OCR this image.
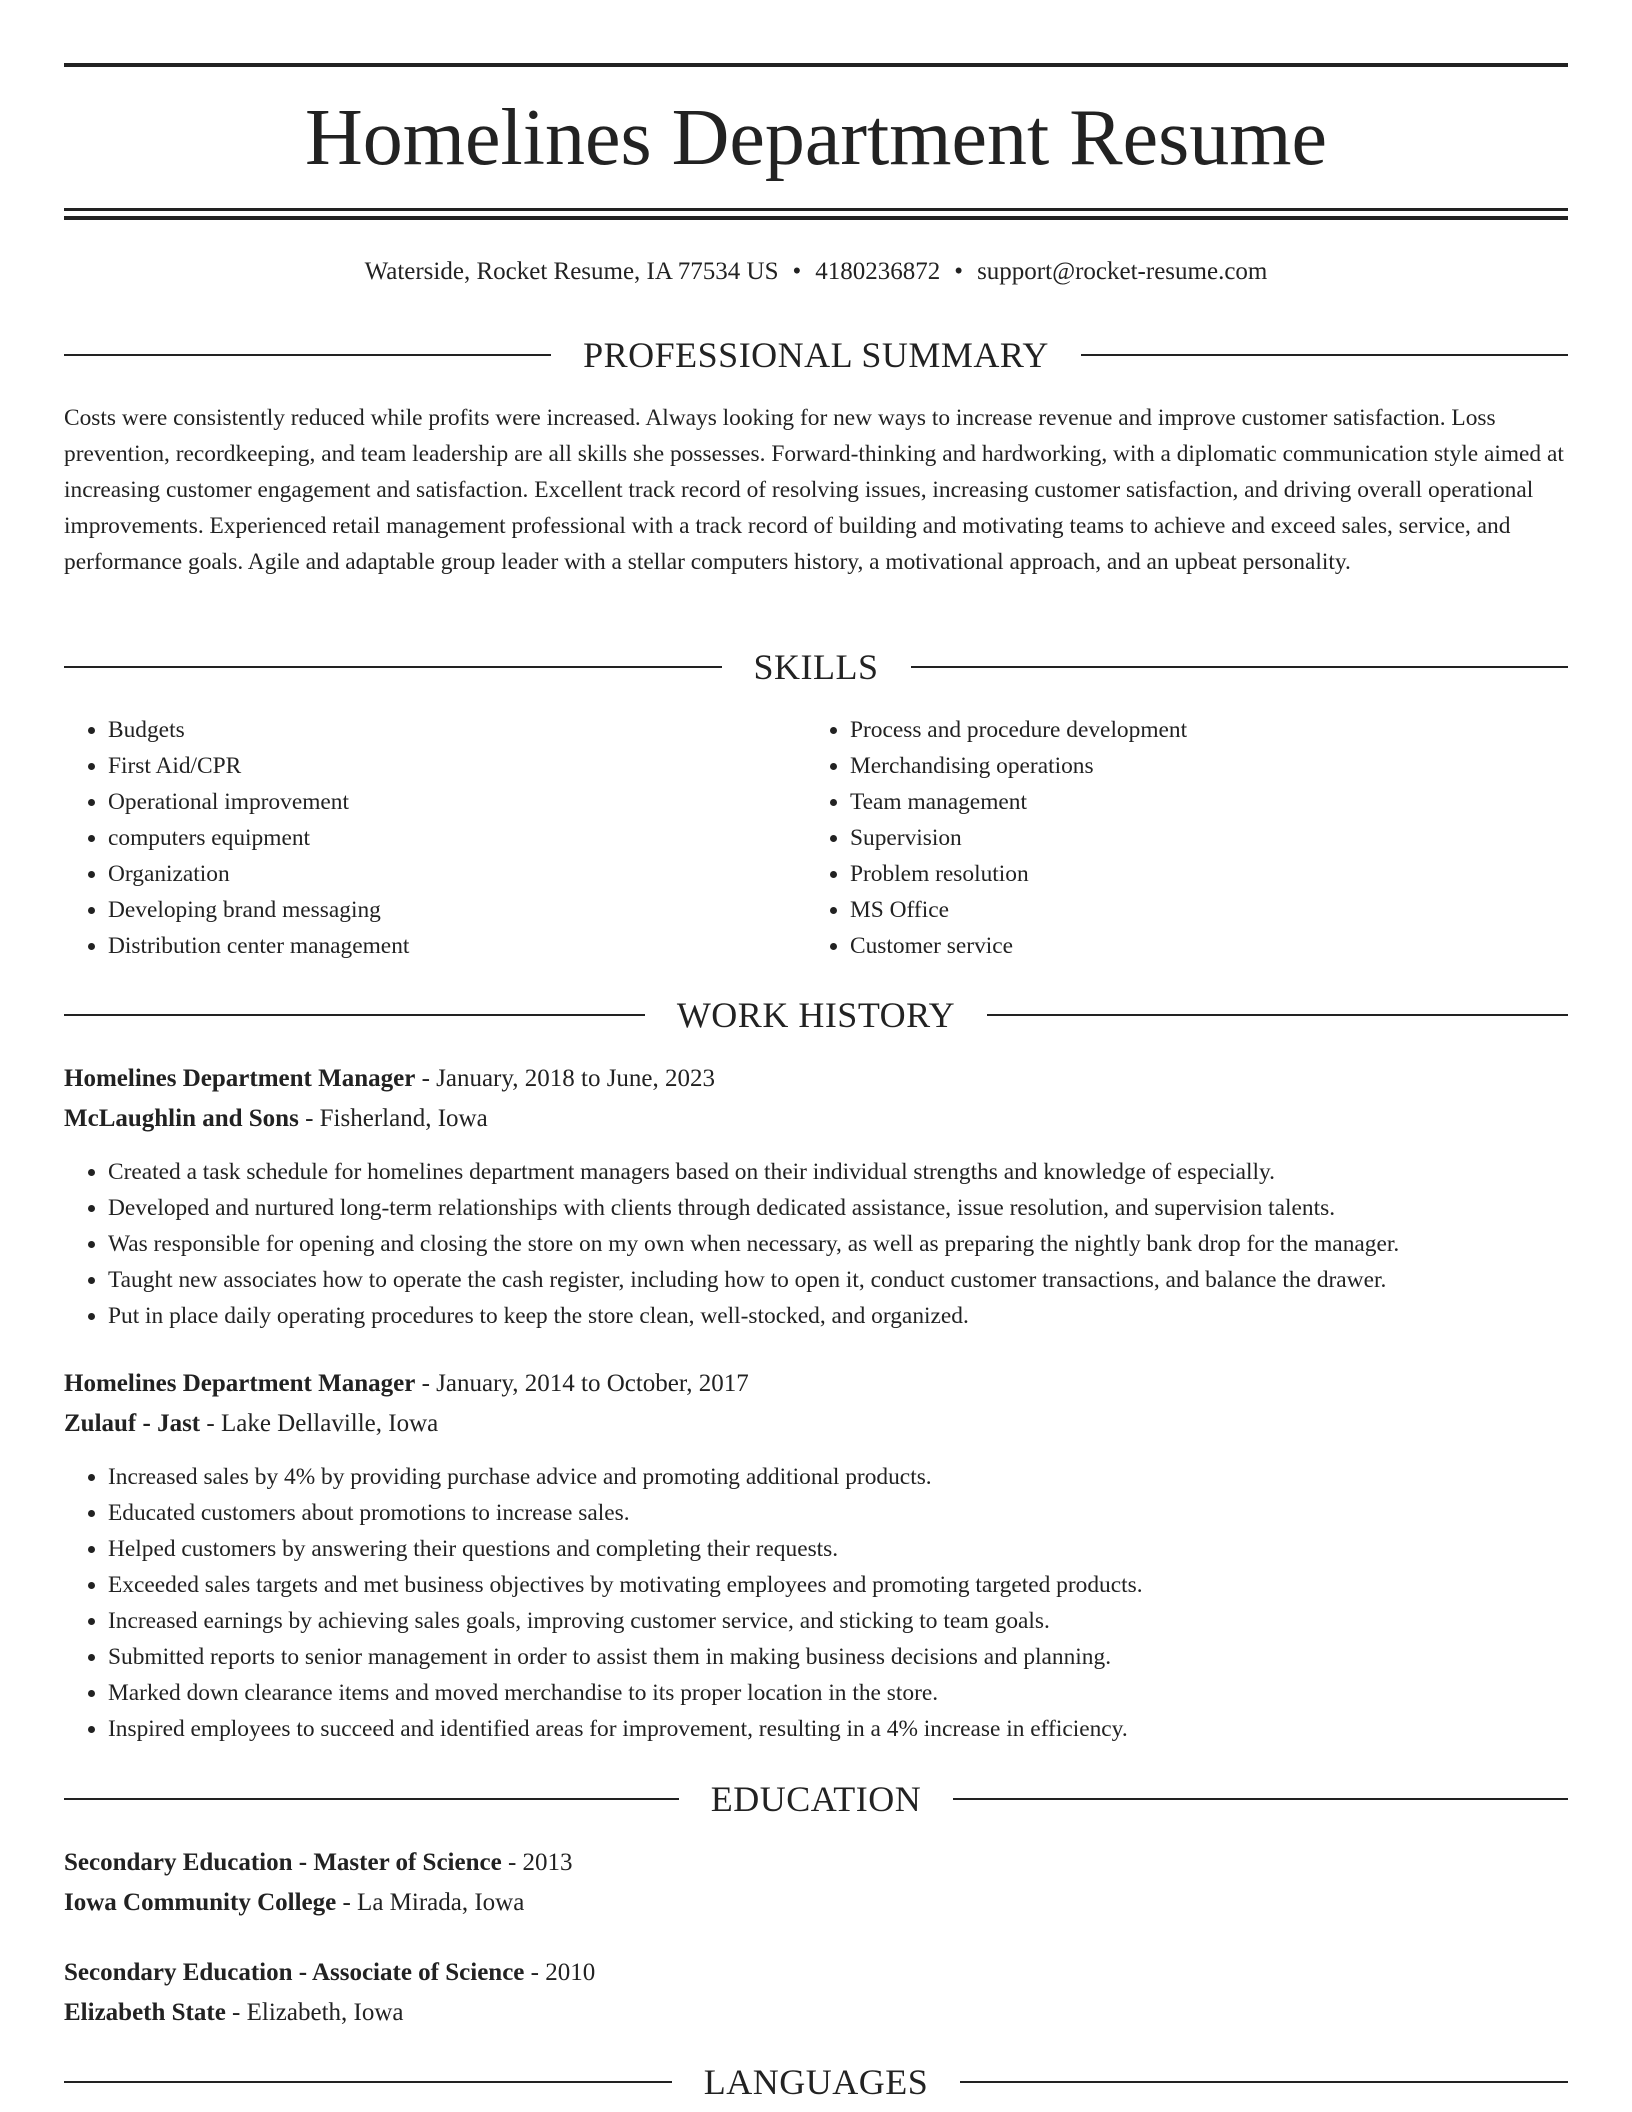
Homelines Department Resume
Waterside, Rocket Resume, IA 77534 US • 4180236872 • support@rocket-resume.com
PROFESSIONAL SUMMARY

Costs were consistently reduced while profits were increased. Always looking for new ways to increase revenue and improve customer satisfaction. Loss prevention, recordkeeping, and team leadership are all skills she possesses. Forward-thinking and hardworking, with a diplomatic communication style aimed at increasing customer engagement and satisfaction. Excellent track record of resolving issues, increasing customer satisfaction, and driving overall operational improvements. Experienced retail management professional with a track record of building and motivating teams to achieve and exceed sales, service, and performance goals. Agile and adaptable group leader with a stellar computers history, a motivational approach, and an upbeat personality.

SKILLS
• Budgets
• First Aid/CPR
• Operational improvement
• computers equipment
• Organization
• Developing brand messaging
• Distribution center management
• Process and procedure development
• Merchandising operations
• Team management
• Supervision
• Problem resolution
• MS Office
• Customer service
WORK HISTORY
Homelines Department Manager - January, 2018 to June, 2023
McLaughlin and Sons - Fisherland, Iowa
• Created a task schedule for homelines department managers based on their individual strengths and knowledge of especially.
• Developed and nurtured long-term relationships with clients through dedicated assistance, issue resolution, and supervision talents.
• Was responsible for opening and closing the store on my own when necessary, as well as preparing the nightly bank drop for the manager.
• Taught new associates how to operate the cash register, including how to open it, conduct customer transactions, and balance the drawer.
• Put in place daily operating procedures to keep the store clean, well-stocked, and organized.
Homelines Department Manager - January, 2014 to October, 2017
Zulauf - Jast - Lake Dellaville, Iowa
• Increased sales by 4% by providing purchase advice and promoting additional products.
• Educated customers about promotions to increase sales.
• Helped customers by answering their questions and completing their requests.
• Exceeded sales targets and met business objectives by motivating employees and promoting targeted products.
• Increased earnings by achieving sales goals, improving customer service, and sticking to team goals.
• Submitted reports to senior management in order to assist them in making business decisions and planning.
• Marked down clearance items and moved merchandise to its proper location in the store.
• Inspired employees to succeed and identified areas for improvement, resulting in a 4% increase in efficiency.
EDUCATION
Secondary Education - Master of Science - 2013
Iowa Community College - La Mirada, Iowa
Secondary Education - Associate of Science - 2010
Elizabeth State - Elizabeth, Iowa
LANGUAGES
